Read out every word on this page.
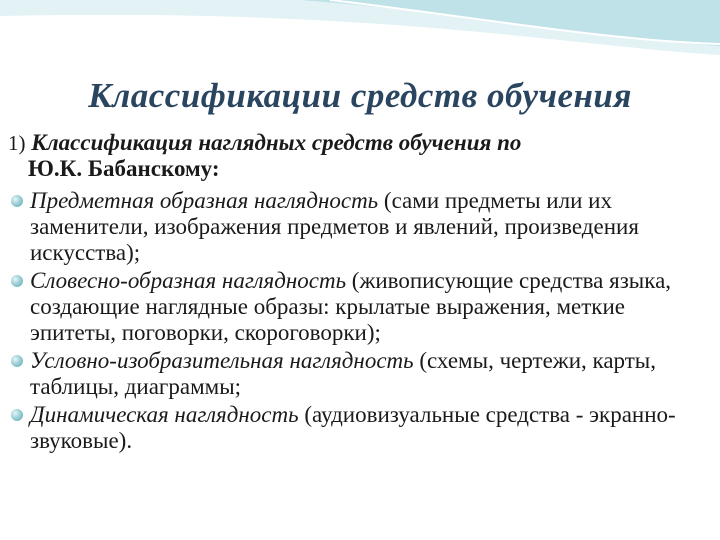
Классификации средств обучения

1) Классификация наглядных средств обучения по
Ю.К. Бабанскому:

Предметная образная наглядность (сами предметы или их заменители, изображения предметов и явлений, произведения искусства);
Словесно-образная наглядность (живописующие средства языка, создающие наглядные образы: крылатые выражения, меткие эпитеты, поговорки, скороговорки);
Условно-изобразительная наглядность (схемы, чертежи, карты, таблицы, диаграммы;
Динамическая наглядность (аудиовизуальные средства - экранно-звуковые).
